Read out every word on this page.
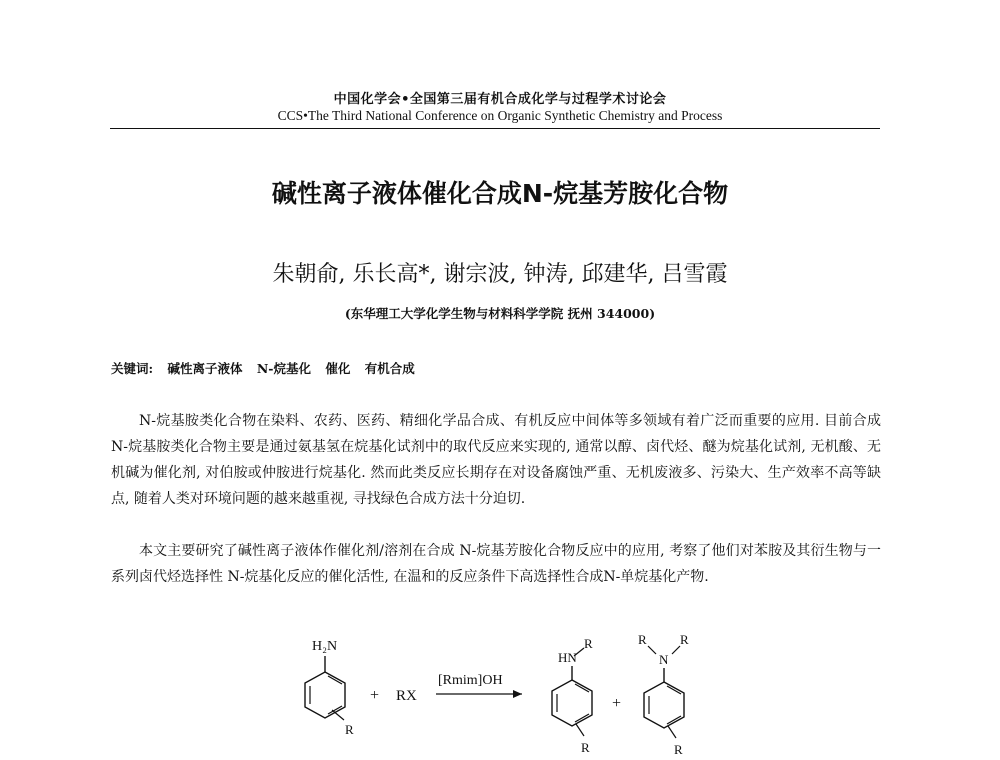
中国化学会•全国第三届有机合成化学与过程学术讨论会
CCS•The Third National Conference on Organic Synthetic Chemistry and Process
碱性离子液体催化合成N-烷基芳胺化合物
朱朝俞, 乐长高*, 谢宗波, 钟涛, 邱建华, 吕雪霞
(东华理工大学化学生物与材料科学学院 抚州 344000)
关键词: 碱性离子液体 N-烷基化 催化 有机合成

N-烷基胺类化合物在染料、农药、医药、精细化学品合成、有机反应中间体等多领域有着广泛而重要的应用. 目前合成N-烷基胺类化合物主要是通过氨基氢在烷基化试剂中的取代反应来实现的, 通常以醇、卤代烃、醚为烷基化试剂, 无机酸、无机碱为催化剂, 对伯胺或仲胺进行烷基化. 然而此类反应长期存在对设备腐蚀严重、无机废液多、污染大、生产效率不高等缺点, 随着人类对环境问题的越来越重视, 寻找绿色合成方法十分迫切.

本文主要研究了碱性离子液体作催化剂/溶剂在合成 N-烷基芳胺化合物反应中的应用, 考察了他们对苯胺及其衍生物与一系列卤代烃选择性 N-烷基化反应的催化活性, 在温和的反应条件下高选择性合成N-单烷基化产物.

H₂N
R
+ RX
[Rmim]OH
HN
R
R
+
R	R
N
R
